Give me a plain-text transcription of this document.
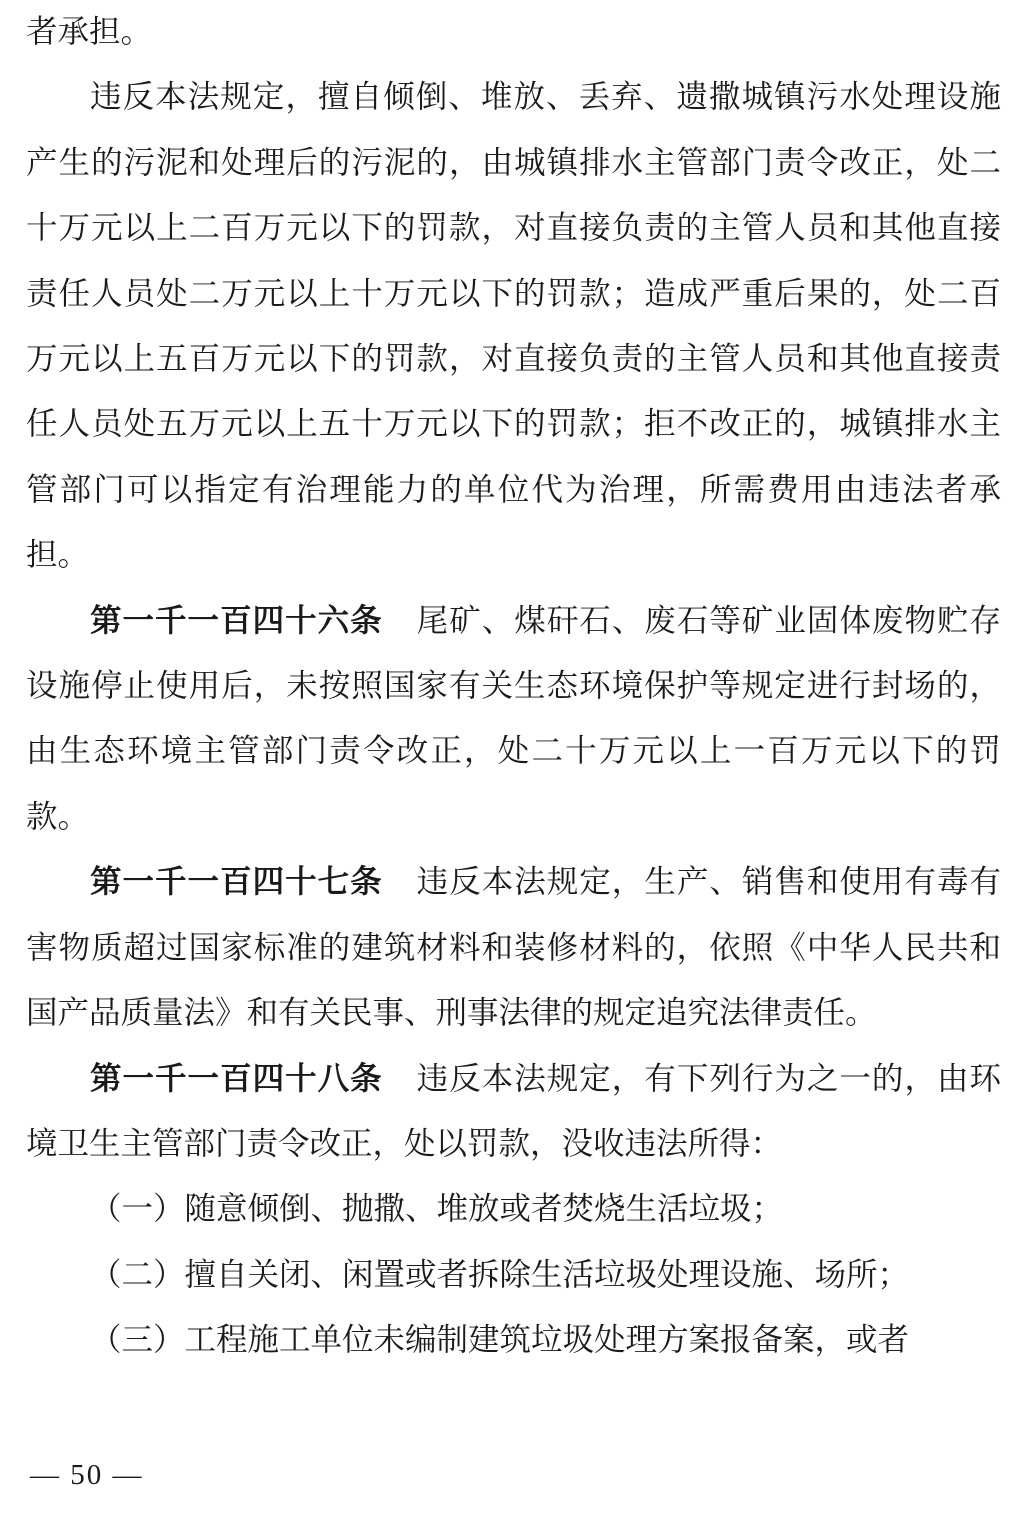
者承担。

违反本法规定，擅自倾倒、堆放、丢弃、遗撒城镇污水处理设施产生的污泥和处理后的污泥的，由城镇排水主管部门责令改正，处二十万元以上二百万元以下的罚款，对直接负责的主管人员和其他直接责任人员处二万元以上十万元以下的罚款；造成严重后果的，处二百万元以上五百万元以下的罚款，对直接负责的主管人员和其他直接责任人员处五万元以上五十万元以下的罚款；拒不改正的，城镇排水主管部门可以指定有治理能力的单位代为治理，所需费用由违法者承担。

第一千一百四十六条 尾矿、煤矸石、废石等矿业固体废物贮存设施停止使用后，未按照国家有关生态环境保护等规定进行封场的，由生态环境主管部门责令改正，处二十万元以上一百万元以下的罚款。

第一千一百四十七条 违反本法规定，生产、销售和使用有毒有害物质超过国家标准的建筑材料和装修材料的，依照《中华人民共和国产品质量法》和有关民事、刑事法律的规定追究法律责任。

第一千一百四十八条 违反本法规定，有下列行为之一的，由环境卫生主管部门责令改正，处以罚款，没收违法所得：

（一）随意倾倒、抛撒、堆放或者焚烧生活垃圾；

（二）擅自关闭、闲置或者拆除生活垃圾处理设施、场所；

（三）工程施工单位未编制建筑垃圾处理方案报备案，或者

— 50 —
